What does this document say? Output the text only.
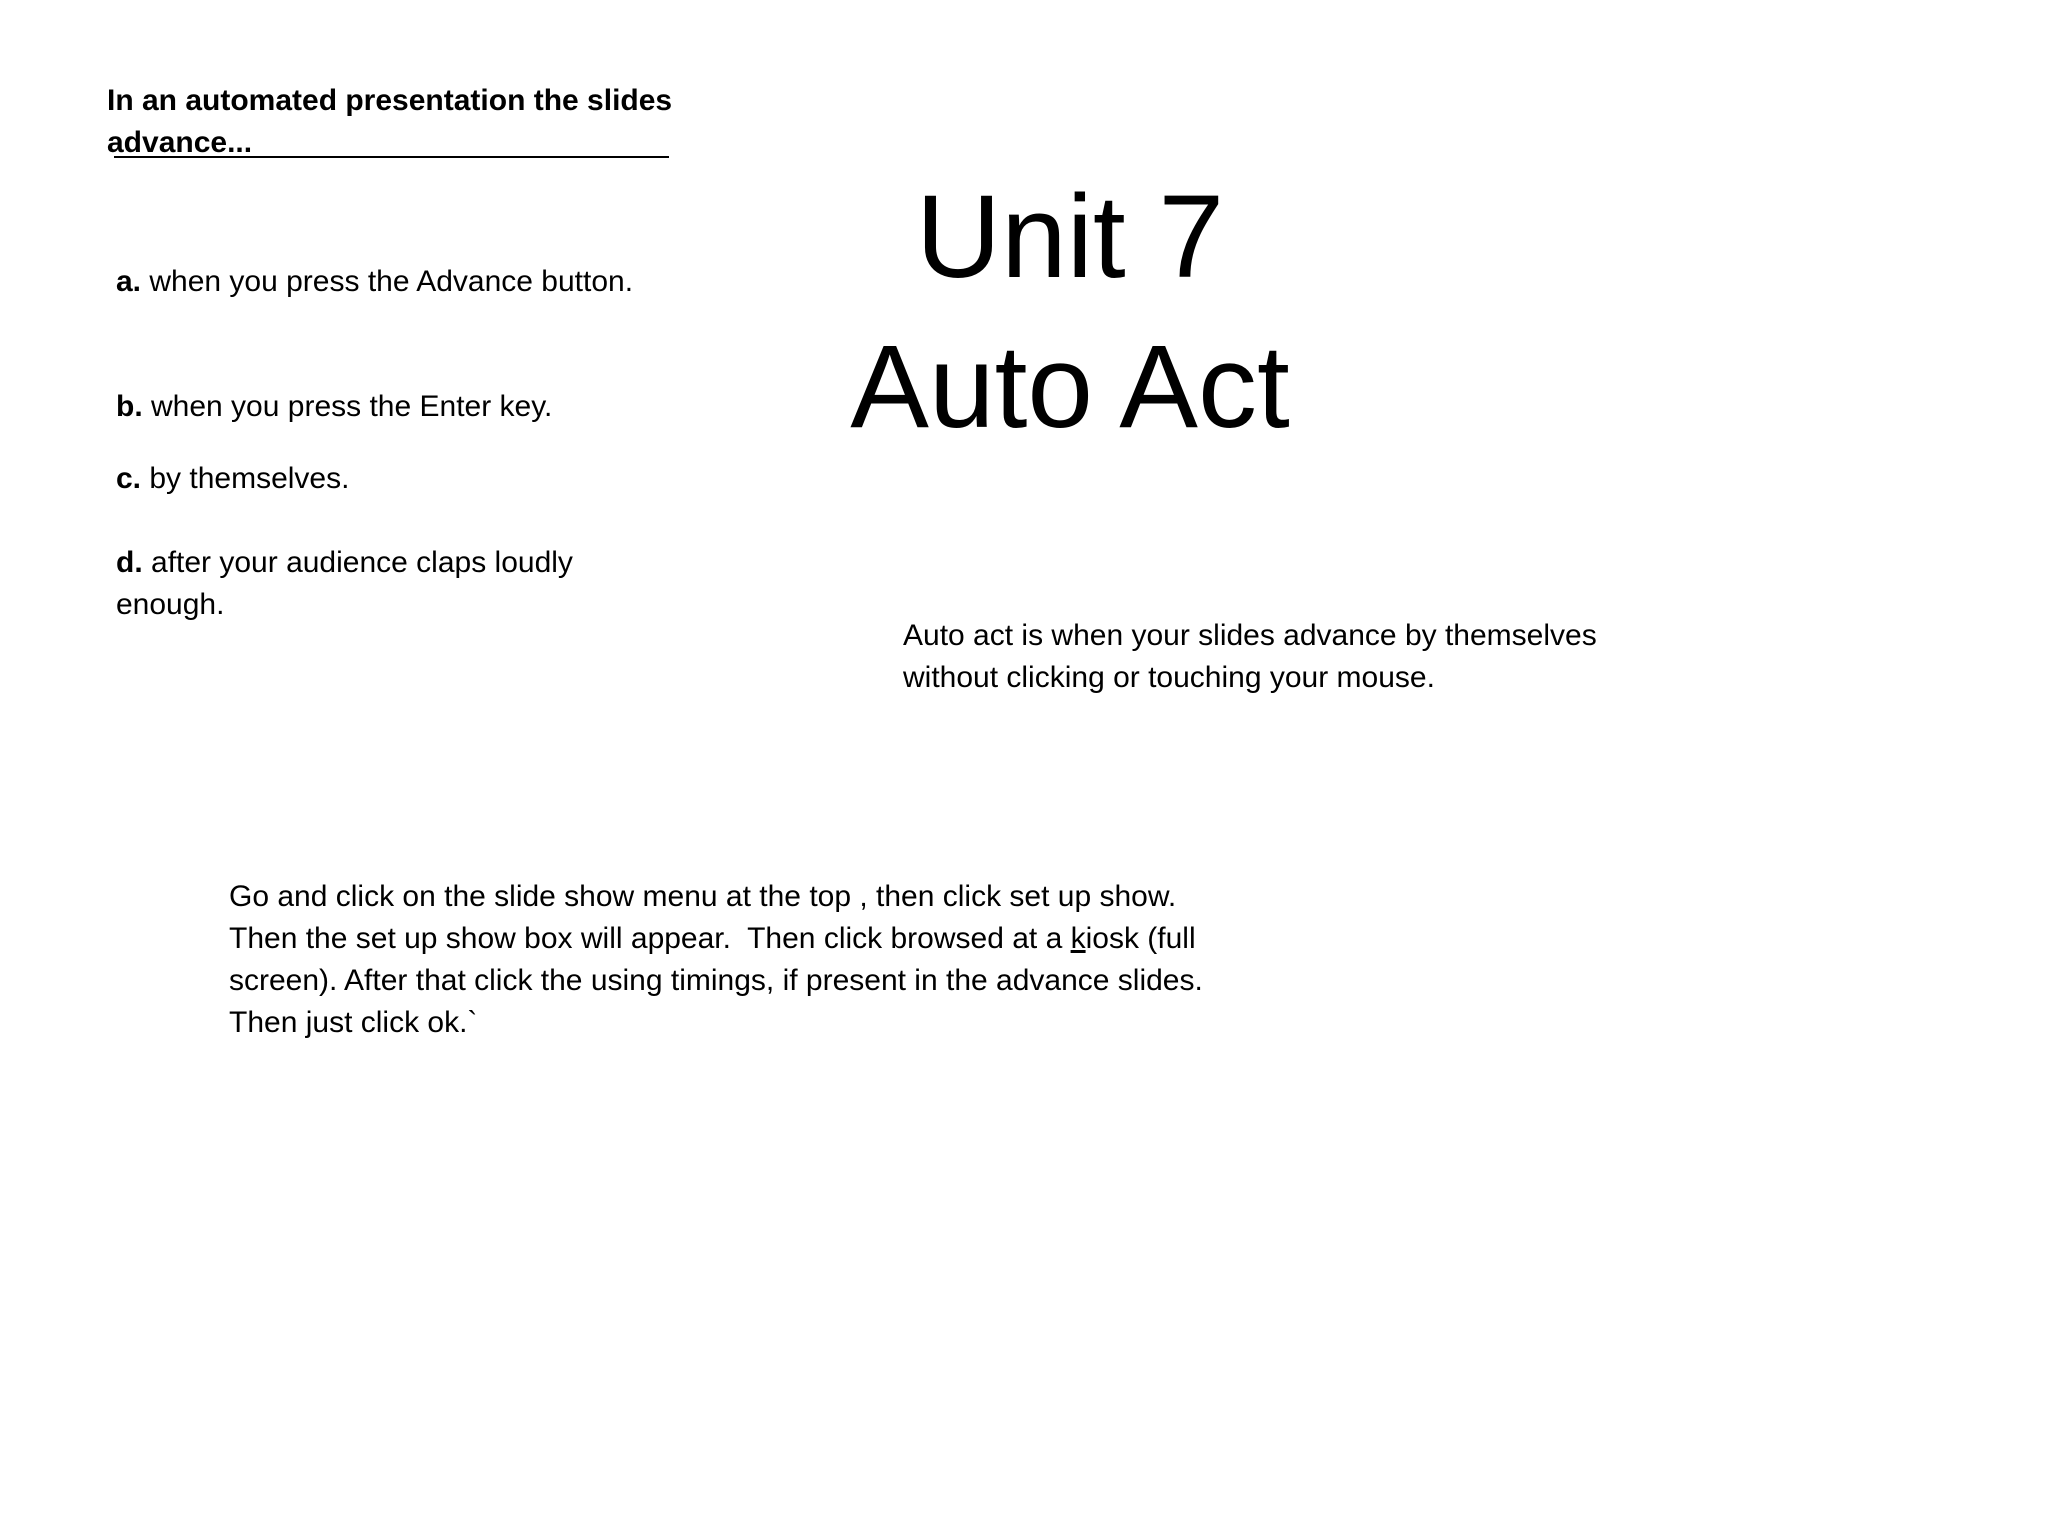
In an automated presentation the slides advance...
a. when you press the Advance button.
b. when you press the Enter key.
c. by themselves.
d. after your audience claps loudly enough.
Unit 7
Auto Act
Auto act is when your slides advance by themselves without clicking or touching your mouse.
Go and click on the slide show menu at the top , then click set up show.
Then the set up show box will appear.  Then click browsed at a kiosk (full
screen). After that click the using timings, if present in the advance slides.
Then just click ok.`
